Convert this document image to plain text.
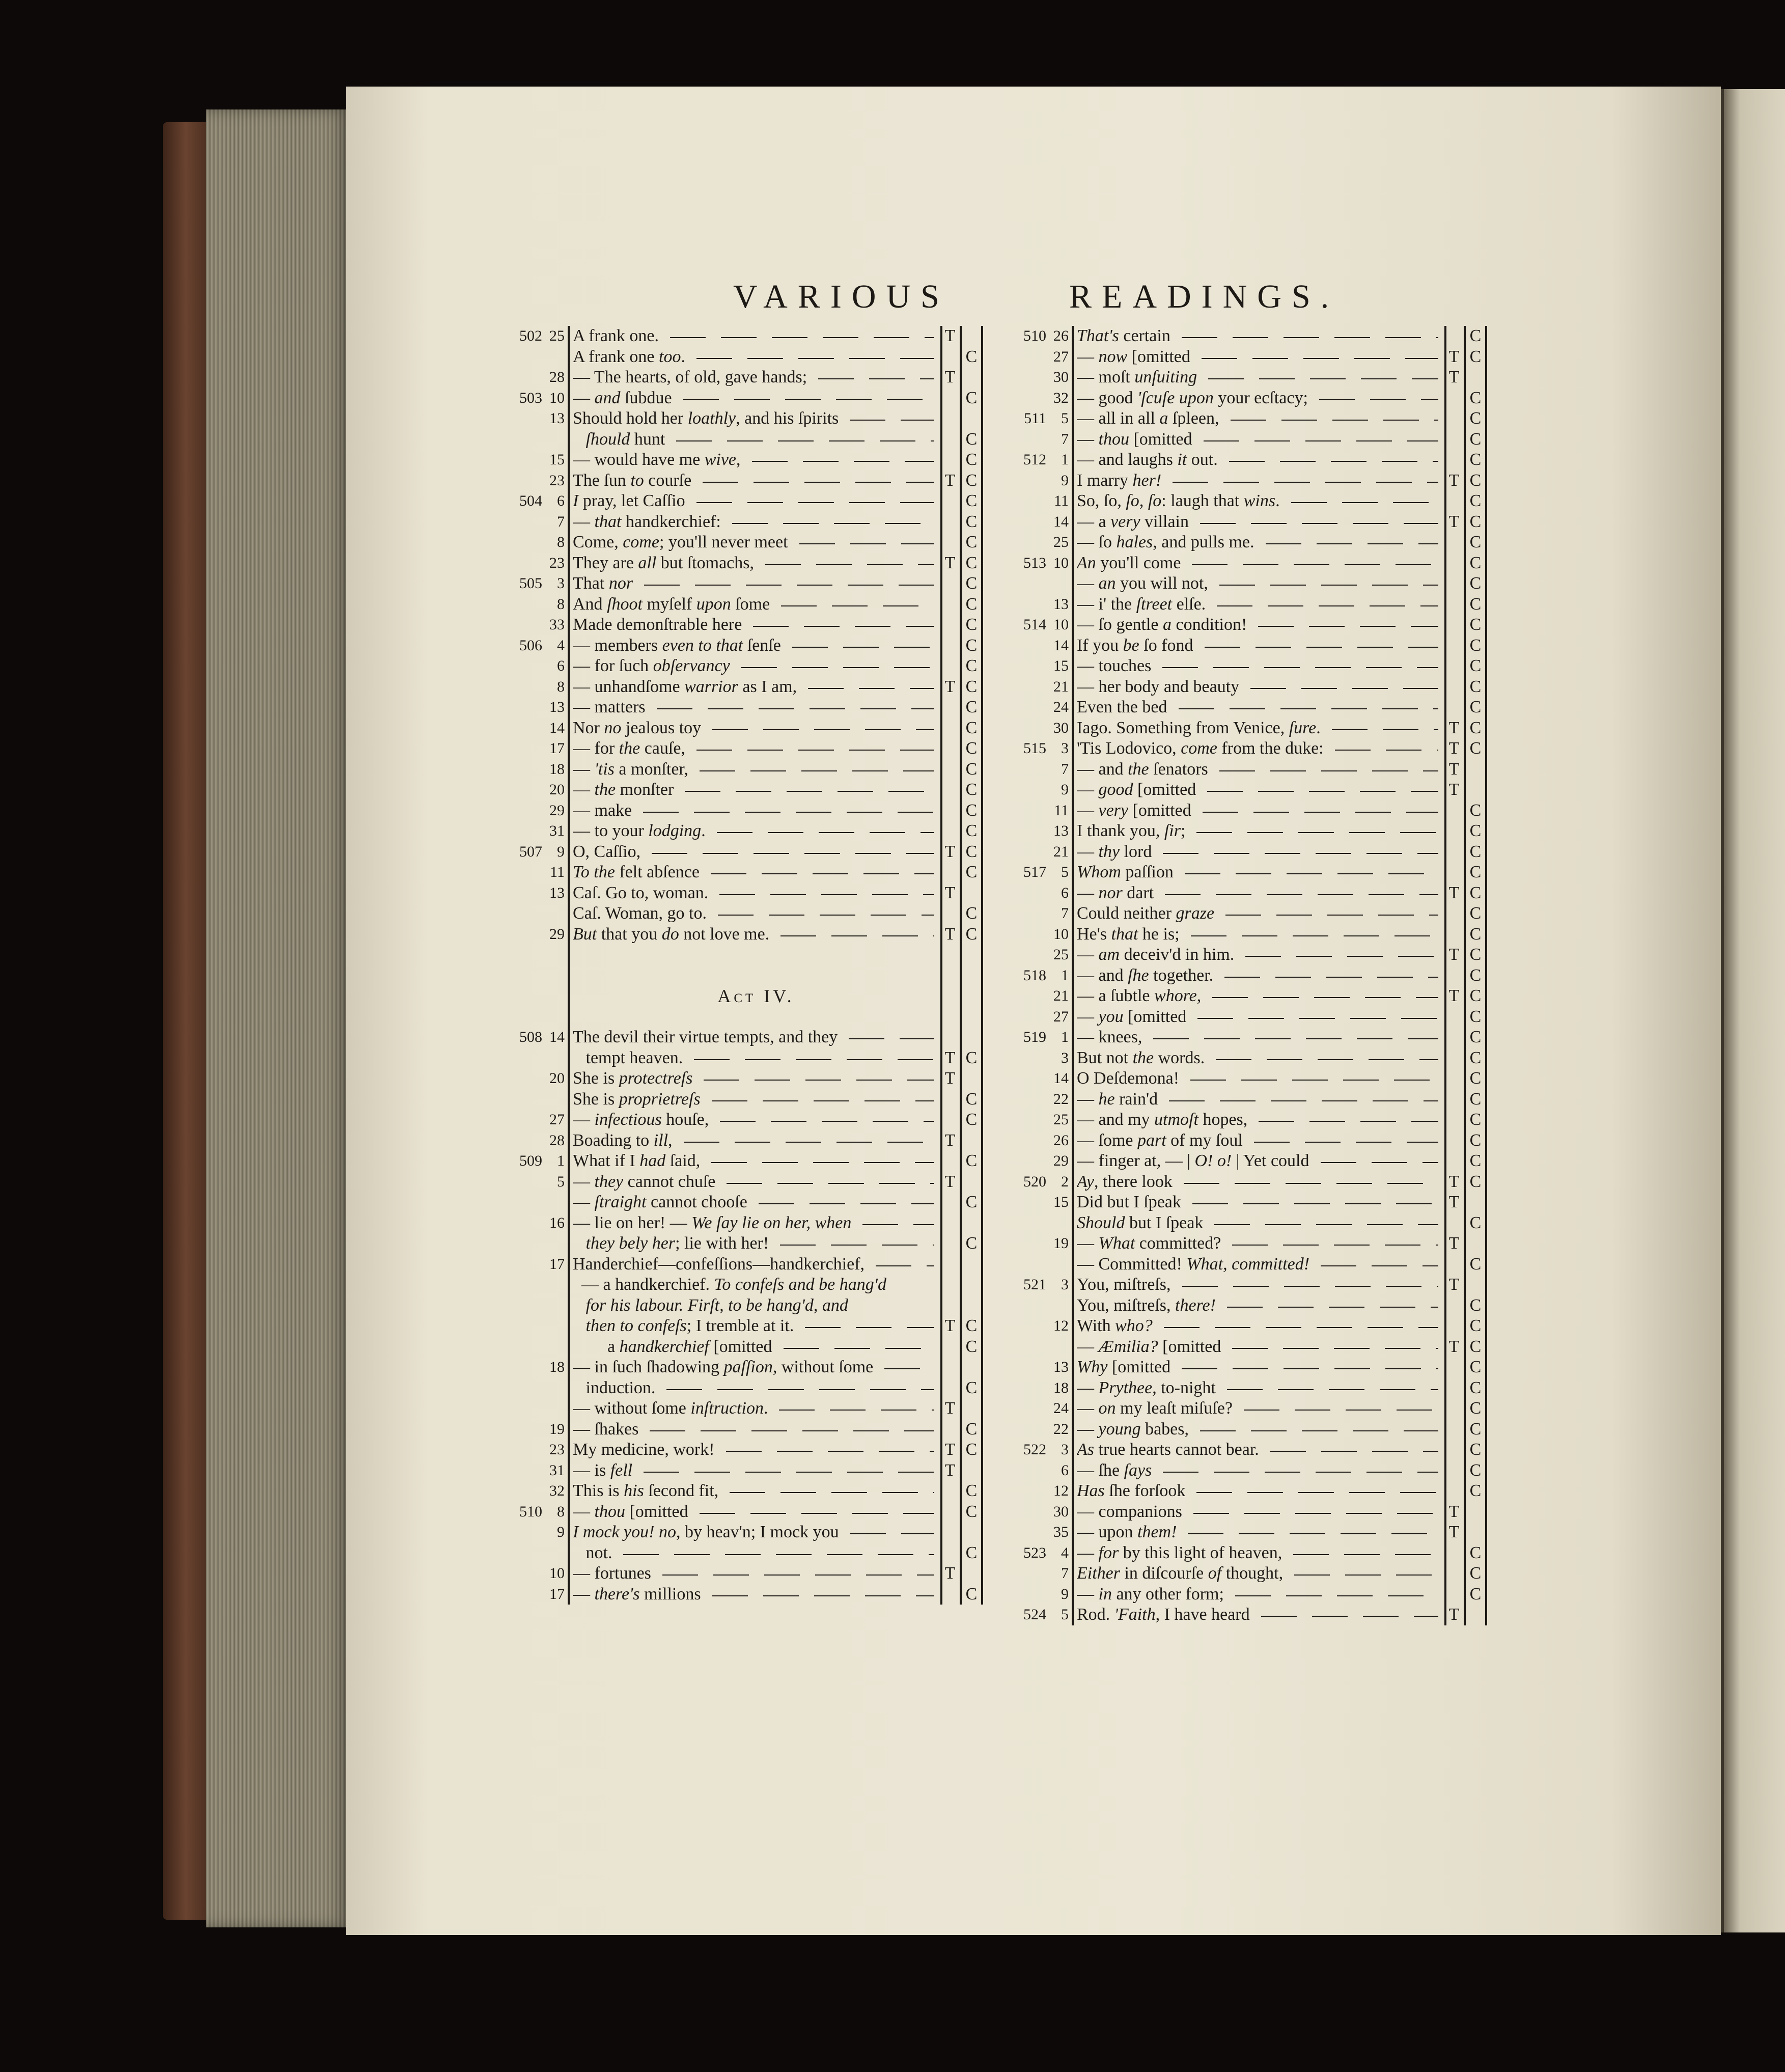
VARIOUS	READINGS.
502 25 A frank one.	T
A frank one too.	C
28 — The hearts, of old, gave hands;	T
503 10 — and ſubdue	C
13 Should hold her loathly, and his ſpirits
ſhould hunt	C
15 — would have me wive,	C
23 The ſun to courſe	T C
504 6 I pray, let Caſſio	C
7 — that handkerchief:	C
8 Come, come; you'll never meet	C
23 They are all but ſtomachs,	T C
505 3 That nor	C
8 And ſhoot myſelf upon ſome	C
33 Made demonſtrable here	C
506 4 — members even to that ſenſe	C
6 — for ſuch obſervancy	C
8 — unhandſome warrior as I am,	T C
13 — matters	C
14 Nor no jealous toy	C
17 — for the cauſe,	C
18 — 'tis a monſter,	C
20 — the monſter	C
29 — make	C
31 — to your lodging.	C
507 9 O, Caſſio,	T C
11 To the felt abſence	C
13 Caſ. Go to, woman.	T
Caſ. Woman, go to.	C
29 But that you do not love me.	T C
Act IV.
508 14 The devil their virtue tempts, and they
tempt heaven.	T C
20 She is protectreſs	T
She is proprietreſs	C
27 — infectious houſe,	C
28 Boading to ill,	T
509 1 What if I had ſaid,	C
5 — they cannot chuſe	T
— ſtraight cannot chooſe	C
16 — lie on her! — We ſay lie on her, when
they bely her; lie with her!	C
17 Handerchief—confeſſions—handkerchief,
— a handkerchief. To confeſs and be hang'd
for his labour. Firſt, to be hang'd, and
then to confeſs; I tremble at it.	T C
a handkerchief [omitted	C
18 — in ſuch ſhadowing paſſion, without ſome
induction.	C
— without ſome inſtruction.	T
19 — ſhakes	C
23 My medicine, work!	T C
31 — is fell	T
32 This is his ſecond fit,	C
510 8 — thou [omitted	C
9 I mock you! no, by heav'n; I mock you
not.	C
10 — fortunes	T
17 — there's millions	C
510 26 That's certain	C
27 — now [omitted	T C
30 — moſt unſuiting	T
32 — good 'ſcuſe upon your ecſtacy;	C
511 5 — all in all a ſpleen,	C
7 — thou [omitted	C
512 1 — and laughs it out.	C
9 I marry her!	T C
11 So, ſo, ſo, ſo: laugh that wins.	C
14 — a very villain	T C
25 — ſo hales, and pulls me.	C
513 10 An you'll come	C
— an you will not,	C
13 — i' the ſtreet elſe.	C
514 10 — ſo gentle a condition!	C
14 If you be ſo fond	C
15 — touches	C
21 — her body and beauty	C
24 Even the bed	C
30 Iago. Something from Venice, ſure.	T C
515 3 'Tis Lodovico, come from the duke:	T C
7 — and the ſenators	T
9 — good [omitted	T
11 — very [omitted	C
13 I thank you, ſir;	C
21 — thy lord	C
517 5 Whom paſſion	C
6 — nor dart	T C
7 Could neither graze	C
10 He's that he is;	C
25 — am deceiv'd in him.	T C
518 1 — and ſhe together.	C
21 — a ſubtle whore,	T C
27 — you [omitted	C
519 1 — knees,	C
3 But not the words.	C
14 O Deſdemona!	C
22 — he rain'd	C
25 — and my utmoſt hopes,	C
26 — ſome part of my ſoul	C
29 — finger at, — | O! o! | Yet could	C
520 2 Ay, there look	T C
15 Did but I ſpeak	T
Should but I ſpeak	C
19 — What committed?	T
— Committed! What, committed!	C
521 3 You, miſtreſs,	T
You, miſtreſs, there!	C
12 With who?	C
— Æmilia? [omitted	T C
13 Why [omitted	C
18 — Prythee, to-night	C
24 — on my leaſt miſuſe?	C
22 — young babes,	C
522 3 As true hearts cannot bear.	C
6 — ſhe ſays	C
12 Has ſhe forſook	C
30 — companions	T
35 — upon them!	T
523 4 — for by this light of heaven,	C
7 Either in diſcourſe of thought,	C
9 — in any other form;	C
524 5 Rod. 'Faith, I have heard	T
